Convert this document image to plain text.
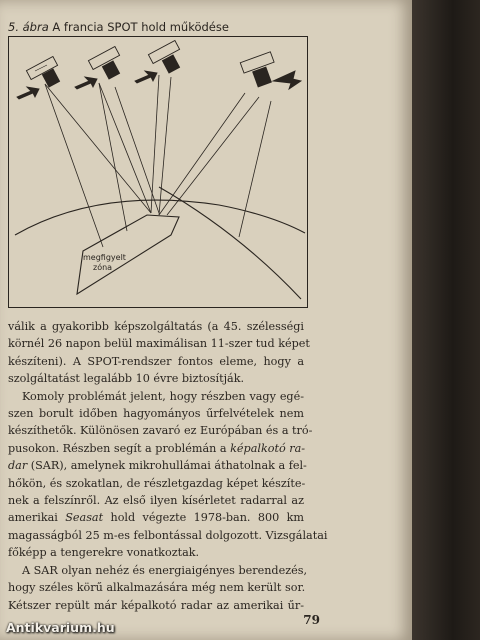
5. ábra A francia SPOT hold működése
megfigyelt
zóna

válik a gyakoribb képszolgáltatás (a 45. szélességi
körnél 26 napon belül maximálisan 11-szer tud képet
készíteni). A SPOT-rendszer fontos eleme, hogy a
szolgáltatást legalább 10 évre biztosítják.

Komoly problémát jelent, hogy részben vagy egé-
szen borult időben hagyományos űrfelvételek nem
készíthetők. Különösen zavaró ez Európában és a tró-
pusokon. Részben segít a problémán a képalkotó ra-
dar (SAR), amelynek mikrohullámai áthatolnak a fel-
hőkön, és szokatlan, de részletgazdag képet készíte-
nek a felszínről. Az első ilyen kísérletet radarral az
amerikai Seasat hold végezte 1978-ban. 800 km
magasságból 25 m-es felbontással dolgozott. Vizsgálatai
főképp a tengerekre vonatkoztak.

A SAR olyan nehéz és energiaigényes berendezés,
hogy széles körű alkalmazására még nem került sor.
Kétszer repült már képalkotó radar az amerikai űr-

79
Antikvarium.hu
